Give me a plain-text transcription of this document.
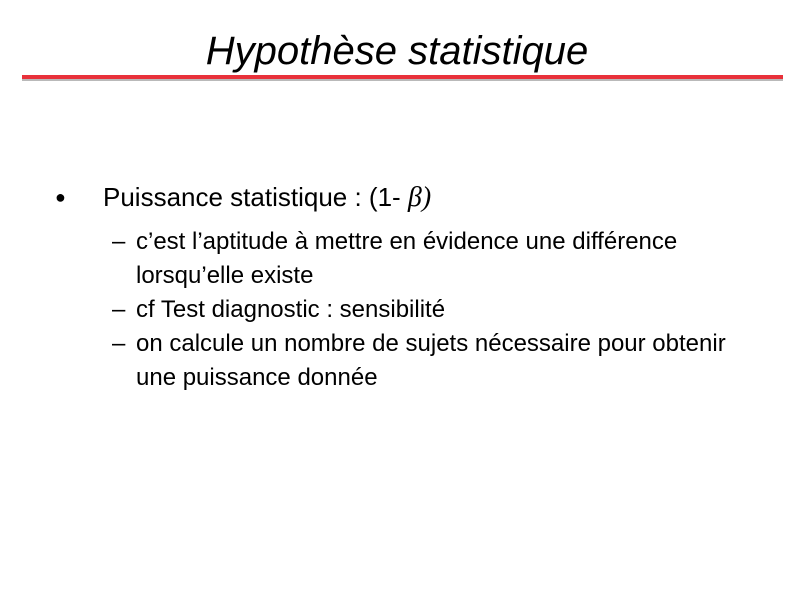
Hypothèse statistique
● Puissance statistique : (1- β)
– c’est l’aptitude à mettre en évidence une différence lorsqu’elle existe
– cf Test diagnostic : sensibilité
– on calcule un nombre de sujets nécessaire pour obtenir une puissance donnée
